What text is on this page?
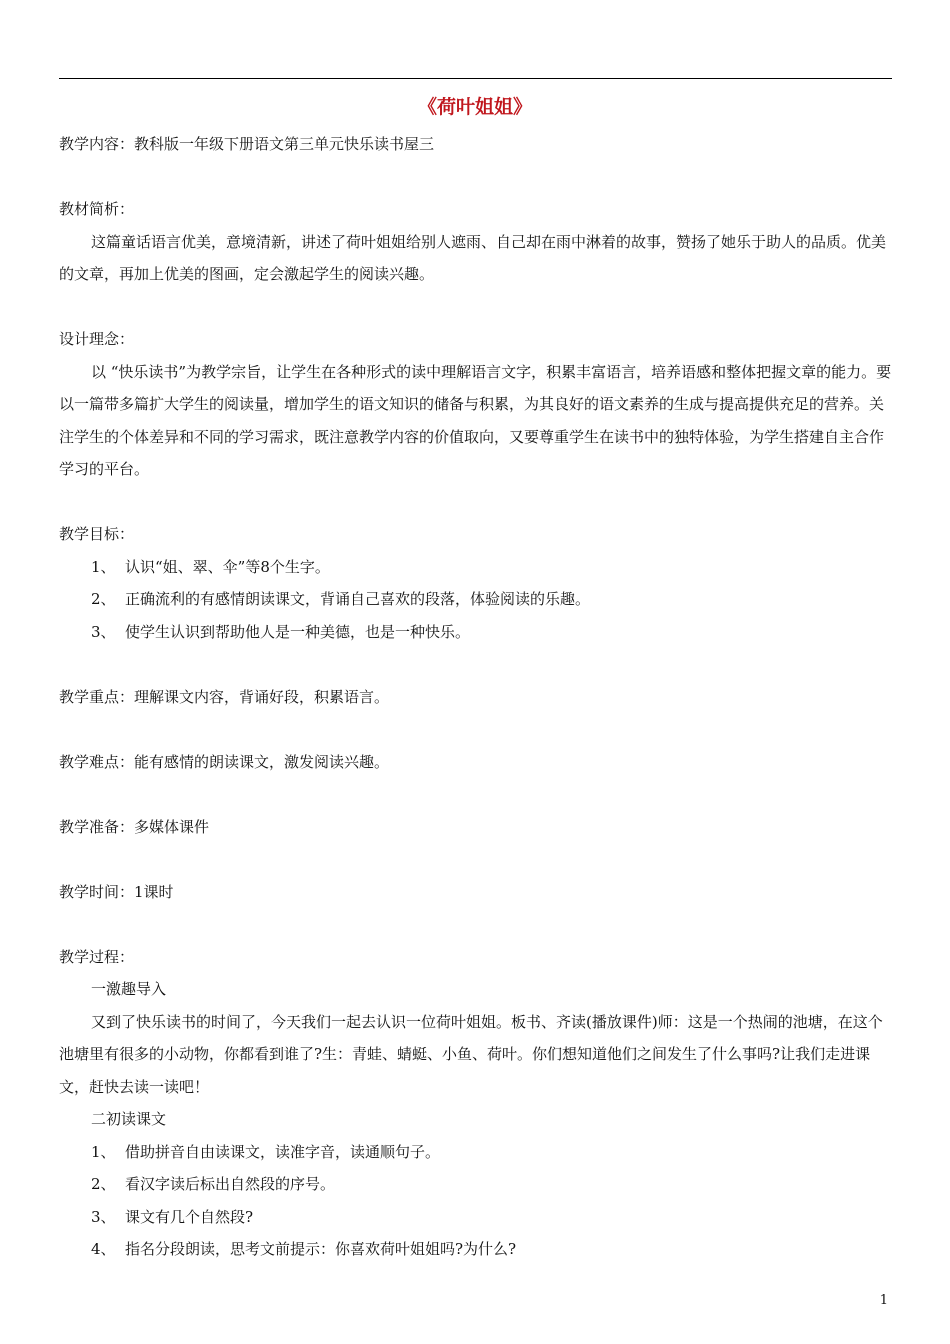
《荷叶姐姐》

教学内容：教科版一年级下册语文第三单元快乐读书屋三

教材简析：

这篇童话语言优美，意境清新，讲述了荷叶姐姐给别人遮雨、自己却在雨中淋着的故事，赞扬了她乐于助人的品质。优美的文章，再加上优美的图画，定会激起学生的阅读兴趣。

设计理念：

以 “快乐读书”为教学宗旨，让学生在各种形式的读中理解语言文字，积累丰富语言，培养语感和整体把握文章的能力。要以一篇带多篇扩大学生的阅读量，增加学生的语文知识的储备与积累，为其良好的语文素养的生成与提高提供充足的营养。关注学生的个体差异和不同的学习需求，既注意教学内容的价值取向，又要尊重学生在读书中的独特体验，为学生搭建自主合作学习的平台。

教学目标：

1、 认识“姐、翠、伞”等8个生字。

2、 正确流利的有感情朗读课文，背诵自己喜欢的段落，体验阅读的乐趣。

3、 使学生认识到帮助他人是一种美德，也是一种快乐。

教学重点：理解课文内容，背诵好段，积累语言。

教学难点：能有感情的朗读课文，激发阅读兴趣。

教学准备：多媒体课件

教学时间：1课时

教学过程：

一激趣导入

又到了快乐读书的时间了，今天我们一起去认识一位荷叶姐姐。板书、齐读(播放课件)师：这是一个热闹的池塘，在这个池塘里有很多的小动物，你都看到谁了?生：青蛙、蜻蜓、小鱼、荷叶。你们想知道他们之间发生了什么事吗?让我们走进课文，赶快去读一读吧！

二初读课文

1、 借助拼音自由读课文，读准字音，读通顺句子。

2、 看汉字读后标出自然段的序号。

3、 课文有几个自然段?

4、 指名分段朗读，思考文前提示：你喜欢荷叶姐姐吗?为什么?

1
